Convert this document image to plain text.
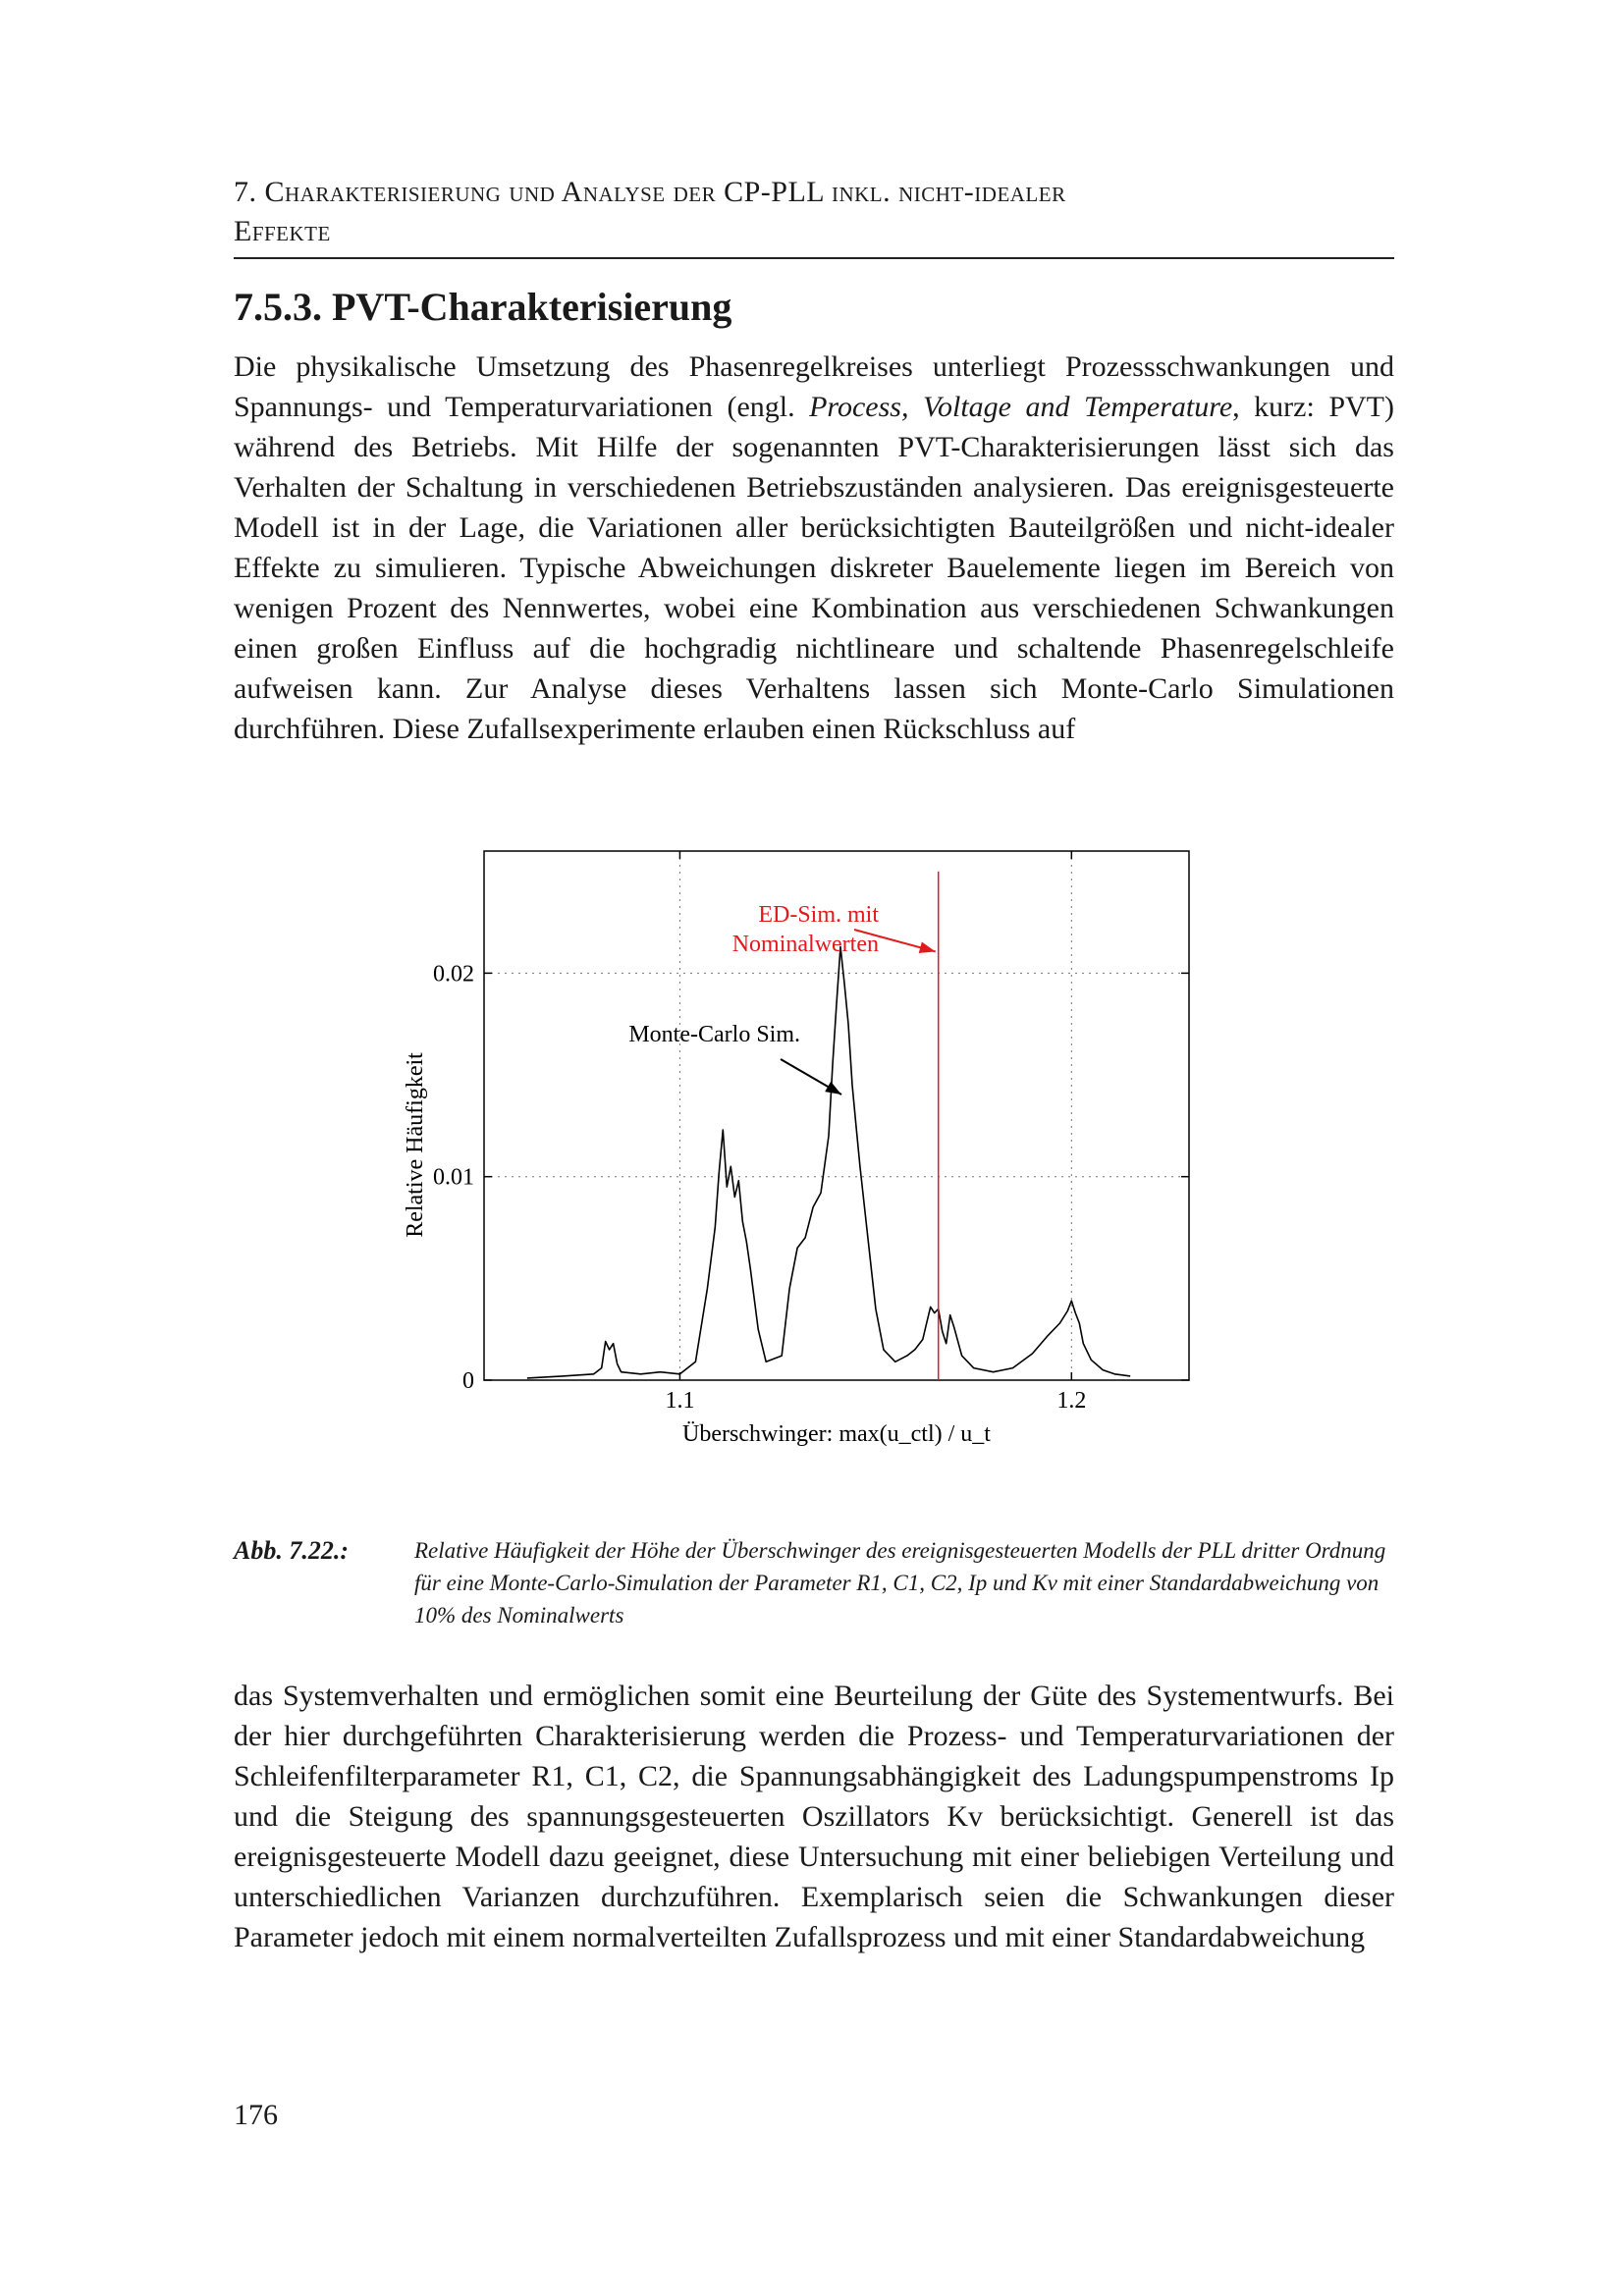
7. Charakterisierung und Analyse der CP-PLL inkl. nicht-idealer
Effekte
7.5.3. PVT-Charakterisierung
Die physikalische Umsetzung des Phasenregelkreises unterliegt Prozessschwankungen und Spannungs- und Temperaturvariationen (engl. Process, Voltage and Temperature, kurz: PVT) während des Betriebs. Mit Hilfe der sogenannten PVT-Charakterisierungen lässt sich das Verhalten der Schaltung in verschiedenen Betriebszuständen analysieren. Das ereignisgesteuerte Modell ist in der Lage, die Variationen aller berücksichtigten Bauteilgrößen und nicht-idealer Effekte zu simulieren. Typische Abweichungen diskreter Bauelemente liegen im Bereich von wenigen Prozent des Nennwertes, wobei eine Kombination aus verschiedenen Schwankungen einen großen Einfluss auf die hochgradig nichtlineare und schaltende Phasenregelschleife aufweisen kann. Zur Analyse dieses Verhaltens lassen sich Monte-Carlo Simulationen durchführen. Diese Zufallsexperimente erlauben einen Rückschluss auf
1.1	1.2
0
0.01
0.02
ED-Sim. mit
Nominalwerten
Monte-Carlo Sim.
Überschwinger: max(u_ctl) / u_t
Relative Häufigkeit
Abb. 7.22.:	Relative Häufigkeit der Höhe der Überschwinger des ereignisgesteuerten Modells der PLL dritter Ordnung für eine Monte-Carlo-Simulation der Parameter R1, C1, C2, Ip und Kv mit einer Standardabweichung von 10% des Nominalwerts
das Systemverhalten und ermöglichen somit eine Beurteilung der Güte des Systementwurfs. Bei der hier durchgeführten Charakterisierung werden die Prozess- und Temperaturvariationen der Schleifenfilterparameter R1, C1, C2, die Spannungsabhängigkeit des Ladungspumpenstroms Ip und die Steigung des spannungsgesteuerten Oszillators Kv berücksichtigt. Generell ist das ereignisgesteuerte Modell dazu geeignet, diese Untersuchung mit einer beliebigen Verteilung und unterschiedlichen Varianzen durchzuführen. Exemplarisch seien die Schwankungen dieser Parameter jedoch mit einem normalverteilten Zufallsprozess und mit einer Standardabweichung
176
